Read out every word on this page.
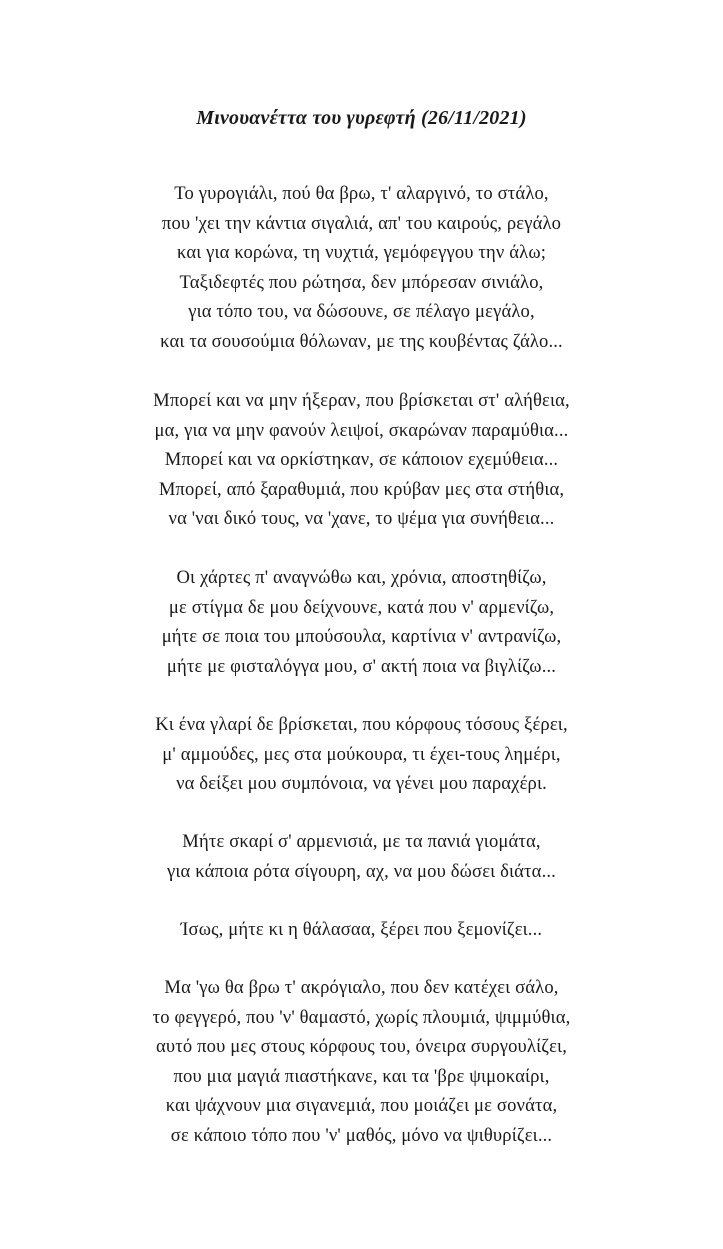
Μινουανέττα του γυρεφτή (26/11/2021)
Το γυρογιάλι, πού θα βρω, τ' αλαργινό, το στάλο,
που 'χει την κάντια σιγαλιά, απ' του καιρούς, ρεγάλο
και για κορώνα, τη νυχτιά, γεμόφεγγου την άλω;
Ταξιδεφτές που ρώτησα, δεν μπόρεσαν σινιάλο,
για τόπο του, να δώσουνε, σε πέλαγο μεγάλο,
και τα σουσούμια θόλωναν, με της κουβέντας ζάλο...
Μπορεί και να μην ήξεραν, που βρίσκεται στ' αλήθεια,
μα, για να μην φανούν λειψοί, σκαρώναν παραμύθια...
Μπορεί και να ορκίστηκαν, σε κάποιον εχεμύθεια...
Μπορεί, από ξαραθυμιά, που κρύβαν μες στα στήθια,
να 'ναι δικό τους, να 'χανε, το ψέμα για συνήθεια...
Οι χάρτες π' αναγνώθω και, χρόνια, αποστηθίζω,
με στίγμα δε μου δείχνουνε, κατά που ν' αρμενίζω,
μήτε σε ποια του μπούσουλα, καρτίνια ν' αντρανίζω,
μήτε με φισταλόγγα μου, σ' ακτή ποια να βιγλίζω...
Κι ένα γλαρί δε βρίσκεται, που κόρφους τόσους ξέρει,
μ' αμμούδες, μες στα μούκουρα, τι έχει-τους λημέρι,
να δείξει μου συμπόνοια, να γένει μου παραχέρι.
Μήτε σκαρί σ' αρμενισιά, με τα πανιά γιομάτα,
για κάποια ρότα σίγουρη, αχ, να μου δώσει διάτα...
Ίσως, μήτε κι η θάλασαα, ξέρει που ξεμονίζει...
Μα 'γω θα βρω τ' ακρόγιαλο, που δεν κατέχει σάλο,
το φεγγερό, που 'ν' θαμαστό, χωρίς πλουμιά, ψιμμύθια,
αυτό που μες στους κόρφους του, όνειρα συργουλίζει,
που μια μαγιά πιαστήκανε, και τα 'βρε ψιμοκαίρι,
και ψάχνουν μια σιγανεμιά, που μοιάζει με σονάτα,
σε κάποιο τόπο που 'ν' μαθός, μόνο να ψιθυρίζει...
